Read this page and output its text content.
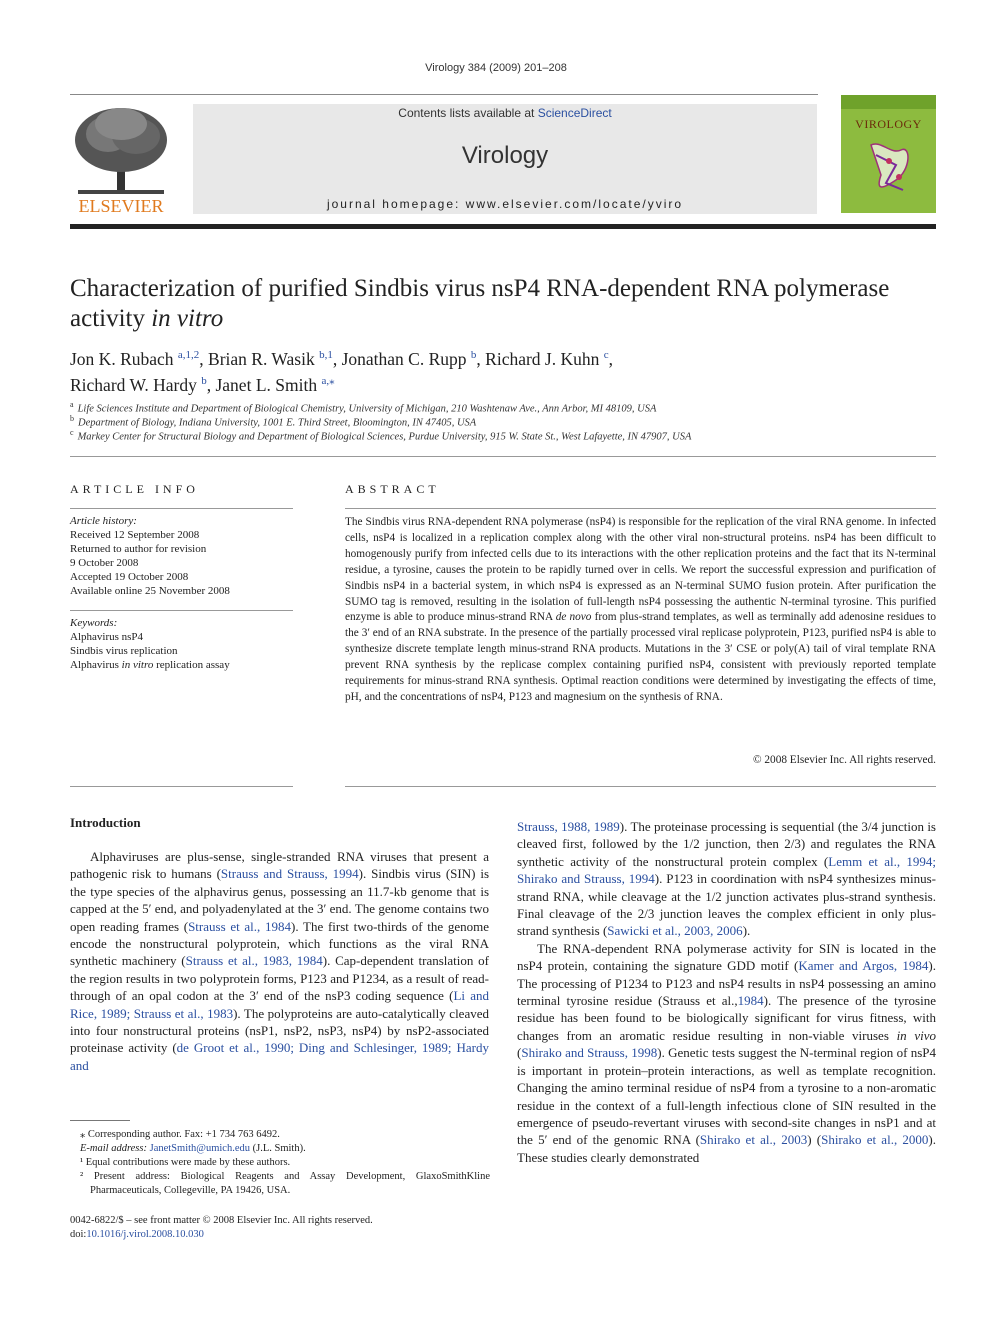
Virology 384 (2009) 201–208
ELSEVIER
Contents lists available at ScienceDirect
Virology
journal homepage: www.elsevier.com/locate/yviro
VIROLOGY
Characterization of purified Sindbis virus nsP4 RNA-dependent RNA polymerase activity in vitro
Jon K. Rubach $^{a,1,2}$, Brian R. Wasik $^{b,1}$, Jonathan C. Rupp $^b$, Richard J. Kuhn $^c$,
Richard W. Hardy $^b$, Janet L. Smith $^{a,⁎}$
$^a$ Life Sciences Institute and Department of Biological Chemistry, University of Michigan, 210 Washtenaw Ave., Ann Arbor, MI 48109, USA
$^b$ Department of Biology, Indiana University, 1001 E. Third Street, Bloomington, IN 47405, USA
$^c$ Markey Center for Structural Biology and Department of Biological Sciences, Purdue University, 915 W. State St., West Lafayette, IN 47907, USA
ARTICLE INFO	ABSTRACT
Article history:
Received 12 September 2008
Returned to author for revision
9 October 2008
Accepted 19 October 2008
Available online 25 November 2008
Keywords:
Alphavirus nsP4
Sindbis virus replication
Alphavirus in vitro replication assay
The Sindbis virus RNA-dependent RNA polymerase (nsP4) is responsible for the replication of the viral RNA genome. In infected cells, nsP4 is localized in a replication complex along with the other viral non-structural proteins. nsP4 has been difficult to homogenously purify from infected cells due to its interactions with the other replication proteins and the fact that its N-terminal residue, a tyrosine, causes the protein to be rapidly turned over in cells. We report the successful expression and purification of Sindbis nsP4 in a bacterial system, in which nsP4 is expressed as an N-terminal SUMO fusion protein. After purification the SUMO tag is removed, resulting in the isolation of full-length nsP4 possessing the authentic N-terminal tyrosine. This purified enzyme is able to produce minus-strand RNA de novo from plus-strand templates, as well as terminally add adenosine residues to the 3′ end of an RNA substrate. In the presence of the partially processed viral replicase polyprotein, P123, purified nsP4 is able to synthesize discrete template length minus-strand RNA products. Mutations in the 3′ CSE or poly(A) tail of viral template RNA prevent RNA synthesis by the replicase complex containing purified nsP4, consistent with previously reported template requirements for minus-strand RNA synthesis. Optimal reaction conditions were determined by investigating the effects of time, pH, and the concentrations of nsP4, P123 and magnesium on the synthesis of RNA.
© 2008 Elsevier Inc. All rights reserved.
Introduction

Alphaviruses are plus-sense, single-stranded RNA viruses that present a pathogenic risk to humans (Strauss and Strauss, 1994). Sindbis virus (SIN) is the type species of the alphavirus genus, possessing an 11.7-kb genome that is capped at the 5′ end, and polyadenylated at the 3′ end. The genome contains two open reading frames (Strauss et al., 1984). The first two-thirds of the genome encode the nonstructural polyprotein, which functions as the viral RNA synthetic machinery (Strauss et al., 1983, 1984). Cap-dependent translation of the region results in two polyprotein forms, P123 and P1234, as a result of read-through of an opal codon at the 3′ end of the nsP3 coding sequence (Li and Rice, 1989; Strauss et al., 1983). The polyproteins are auto-catalytically cleaved into four nonstructural proteins (nsP1, nsP2, nsP3, nsP4) by nsP2-associated proteinase activity (de Groot et al., 1990; Ding and Schlesinger, 1989; Hardy and

Strauss, 1988, 1989). The proteinase processing is sequential (the 3/4 junction is cleaved first, followed by the 1/2 junction, then 2/3) and regulates the RNA synthetic activity of the nonstructural protein complex (Lemm et al., 1994; Shirako and Strauss, 1994). P123 in coordination with nsP4 synthesizes minus-strand RNA, while cleavage at the 1/2 junction activates plus-strand synthesis. Final cleavage of the 2/3 junction leaves the complex efficient in only plus-strand synthesis (Sawicki et al., 2003, 2006).

The RNA-dependent RNA polymerase activity for SIN is located in the nsP4 protein, containing the signature GDD motif (Kamer and Argos, 1984). The processing of P1234 to P123 and nsP4 results in nsP4 possessing an amino terminal tyrosine residue (Strauss et al.,1984). The presence of the tyrosine residue has been found to be biologically significant for virus fitness, with changes from an aromatic residue resulting in non-viable viruses in vivo (Shirako and Strauss, 1998). Genetic tests suggest the N-terminal region of nsP4 is important in protein–protein interactions, as well as template recognition. Changing the amino terminal residue of nsP4 from a tyrosine to a non-aromatic residue in the context of a full-length infectious clone of SIN resulted in the emergence of pseudo-revertant viruses with second-site changes in nsP1 and at the 5′ end of the genomic RNA (Shirako et al., 2003) (Shirako et al., 2000). These studies clearly demonstrated

⁎ Corresponding author. Fax: +1 734 763 6492.

E-mail address: JanetSmith@umich.edu (J.L. Smith).

¹ Equal contributions were made by these authors.

² Present address: Biological Reagents and Assay Development, GlaxoSmithKline Pharmaceuticals, Collegeville, PA 19426, USA.

0042-6822/$ – see front matter © 2008 Elsevier Inc. All rights reserved.
doi:10.1016/j.virol.2008.10.030
